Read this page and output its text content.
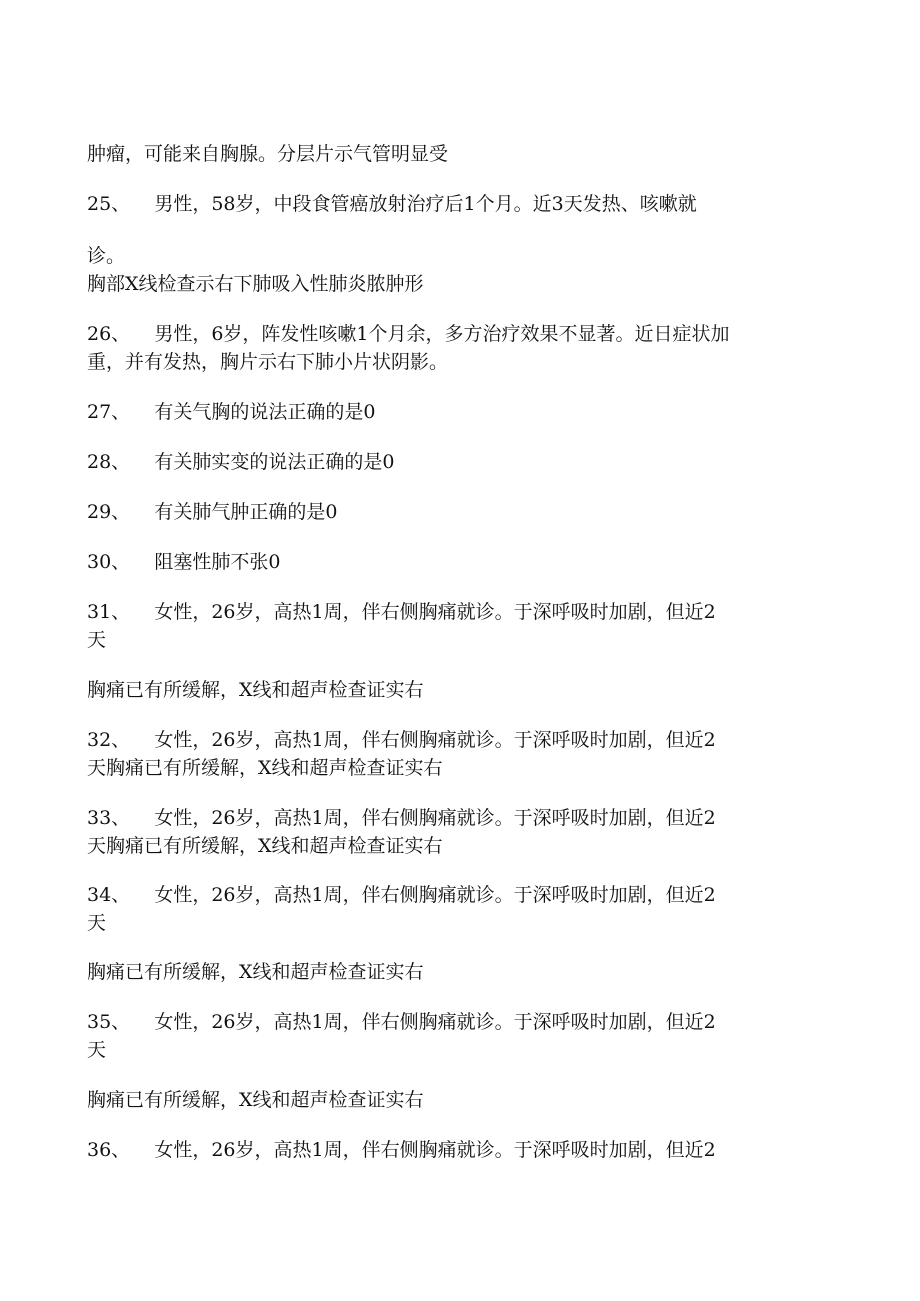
肿瘤，可能来自胸腺。分层片示气管明显受
25、    男性，58岁，中段食管癌放射治疗后1个月。近3天发热、咳嗽就
诊。
胸部X线检查示右下肺吸入性肺炎脓肿形
26、    男性，6岁，阵发性咳嗽1个月余，多方治疗效果不显著。近日症状加
重，并有发热，胸片示右下肺小片状阴影。
27、    有关气胸的说法正确的是0
28、    有关肺实变的说法正确的是0
29、    有关肺气肿正确的是0
30、    阻塞性肺不张0
31、    女性，26岁，高热1周，伴右侧胸痛就诊。于深呼吸时加剧，但近2
天
胸痛已有所缓解，X线和超声检查证实右
32、    女性，26岁，高热1周，伴右侧胸痛就诊。于深呼吸时加剧，但近2
天胸痛已有所缓解，X线和超声检查证实右
33、    女性，26岁，高热1周，伴右侧胸痛就诊。于深呼吸时加剧，但近2
天胸痛已有所缓解，X线和超声检查证实右
34、    女性，26岁，高热1周，伴右侧胸痛就诊。于深呼吸时加剧，但近2
天
胸痛已有所缓解，X线和超声检查证实右
35、    女性，26岁，高热1周，伴右侧胸痛就诊。于深呼吸时加剧，但近2
天
胸痛已有所缓解，X线和超声检查证实右
36、    女性，26岁，高热1周，伴右侧胸痛就诊。于深呼吸时加剧，但近2
